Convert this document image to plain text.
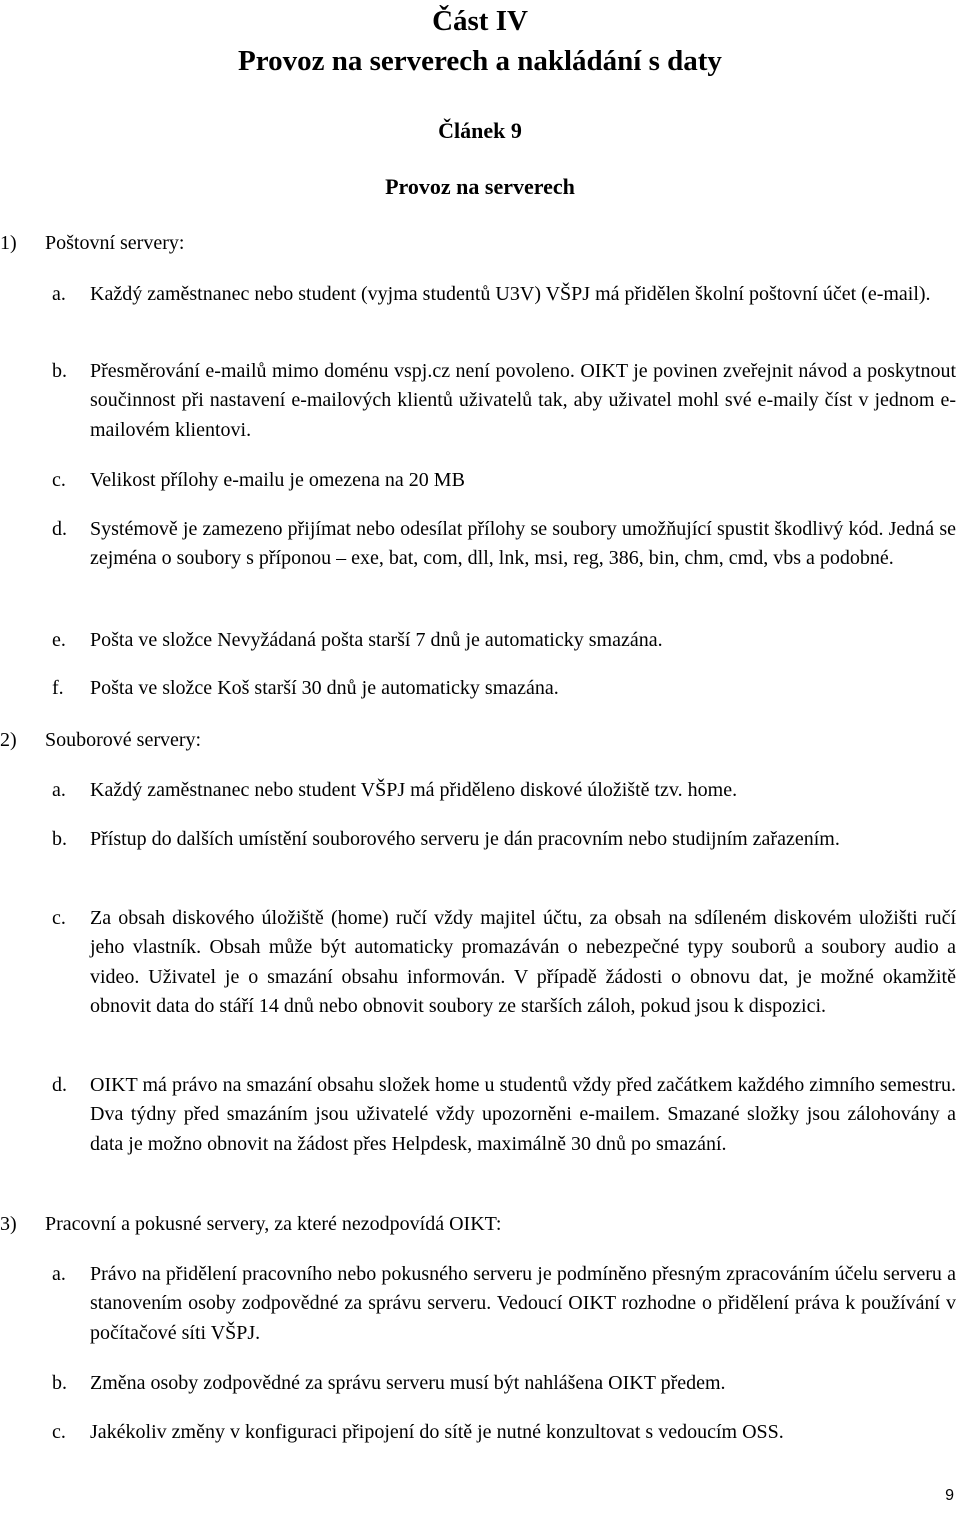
Část IV
Provoz na serverech a nakládání s daty
Článek 9
Provoz na serverech
1) Poštovní servery:
a. Každý zaměstnanec nebo student (vyjma studentů U3V) VŠPJ má přidělen školní poštovní účet (e-mail).
b. Přesměrování e-mailů mimo doménu vspj.cz není povoleno. OIKT je povinen zveřejnit návod a poskytnout součinnost při nastavení e-mailových klientů uživatelů tak, aby uživatel mohl své e-maily číst v jednom e-mailovém klientovi.
c. Velikost přílohy e-mailu je omezena na 20 MB
d. Systémově je zamezeno přijímat nebo odesílat přílohy se soubory umožňující spustit škodlivý kód. Jedná se zejména o soubory s příponou – exe, bat, com, dll, lnk, msi, reg, 386, bin, chm, cmd, vbs a podobné.
e. Pošta ve složce Nevyžádaná pošta starší 7 dnů je automaticky smazána.
f. Pošta ve složce Koš starší 30 dnů je automaticky smazána.
2) Souborové servery:
a. Každý zaměstnanec nebo student VŠPJ má přiděleno diskové úložiště tzv. home.
b. Přístup do dalších umístění souborového serveru je dán pracovním nebo studijním zařazením.
c. Za obsah diskového úložiště (home) ručí vždy majitel účtu, za obsah na sdíleném diskovém uložišti ručí jeho vlastník. Obsah může být automaticky promazáván o nebezpečné typy souborů a soubory audio a video. Uživatel je o smazání obsahu informován. V případě žádosti o obnovu dat, je možné okamžitě obnovit data do stáří 14 dnů nebo obnovit soubory ze starších záloh, pokud jsou k dispozici.
d. OIKT má právo na smazání obsahu složek home u studentů vždy před začátkem každého zimního semestru. Dva týdny před smazáním jsou uživatelé vždy upozorněni e-mailem. Smazané složky jsou zálohovány a data je možno obnovit na žádost přes Helpdesk, maximálně 30 dnů po smazání.
3) Pracovní a pokusné servery, za které nezodpovídá OIKT:
a. Právo na přidělení pracovního nebo pokusného serveru je podmíněno přesným zpracováním účelu serveru a stanovením osoby zodpovědné za správu serveru. Vedoucí OIKT rozhodne o přidělení práva k používání v počítačové síti VŠPJ.
b. Změna osoby zodpovědné za správu serveru musí být nahlášena OIKT předem.
c. Jakékoliv změny v konfiguraci připojení do sítě je nutné konzultovat s vedoucím OSS.
9
